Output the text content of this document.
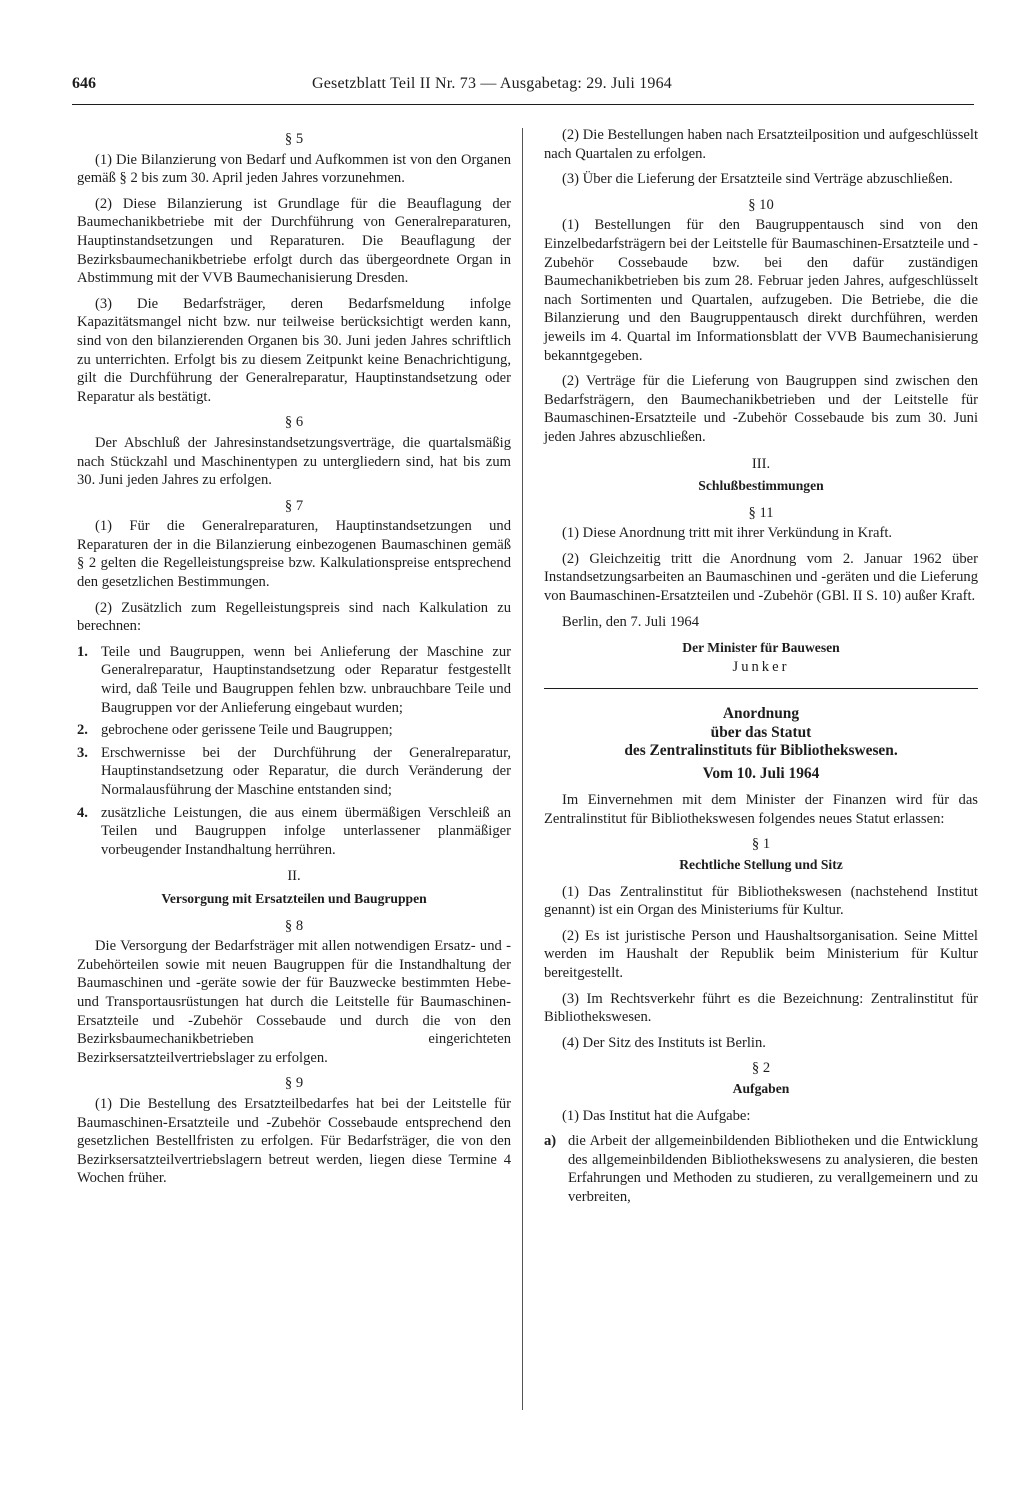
646	Gesetzblatt Teil II Nr. 73 — Ausgabetag: 29. Juli 1964
§ 5

(1) Die Bilanzierung von Bedarf und Aufkommen ist von den Organen gemäß § 2 bis zum 30. April jeden Jahres vorzunehmen.

(2) Diese Bilanzierung ist Grundlage für die Beauflagung der Baumechanikbetriebe mit der Durchführung von Generalreparaturen, Hauptinstandsetzungen und Reparaturen. Die Beauflagung der Bezirksbaumechanikbetriebe erfolgt durch das übergeordnete Organ in Abstimmung mit der VVB Baumechanisierung Dresden.

(3) Die Bedarfsträger, deren Bedarfsmeldung infolge Kapazitätsmangel nicht bzw. nur teilweise berücksichtigt werden kann, sind von den bilanzierenden Organen bis 30. Juni jeden Jahres schriftlich zu unterrichten. Erfolgt bis zu diesem Zeitpunkt keine Benachrichtigung, gilt die Durchführung der Generalreparatur, Hauptinstandsetzung oder Reparatur als bestätigt.

§ 6

Der Abschluß der Jahresinstandsetzungsverträge, die quartalsmäßig nach Stückzahl und Maschinentypen zu untergliedern sind, hat bis zum 30. Juni jeden Jahres zu erfolgen.

§ 7

(1) Für die Generalreparaturen, Hauptinstandsetzungen und Reparaturen der in die Bilanzierung einbezogenen Baumaschinen gemäß § 2 gelten die Regelleistungspreise bzw. Kalkulationspreise entsprechend den gesetzlichen Bestimmungen.

(2) Zusätzlich zum Regelleistungspreis sind nach Kalkulation zu berechnen:

1. Teile und Baugruppen, wenn bei Anlieferung der Maschine zur Generalreparatur, Hauptinstandsetzung oder Reparatur festgestellt wird, daß Teile und Baugruppen fehlen bzw. unbrauchbare Teile und Baugruppen vor der Anlieferung eingebaut wurden;
2. gebrochene oder gerissene Teile und Baugruppen;
3. Erschwernisse bei der Durchführung der Generalreparatur, Hauptinstandsetzung oder Reparatur, die durch Veränderung der Normalausführung der Maschine entstanden sind;
4. zusätzliche Leistungen, die aus einem übermäßigen Verschleiß an Teilen und Baugruppen infolge unterlassener planmäßiger vorbeugender Instandhaltung herrühren.
II.
Versorgung mit Ersatzteilen und Baugruppen
§ 8

Die Versorgung der Bedarfsträger mit allen notwendigen Ersatz- und -Zubehörteilen sowie mit neuen Baugruppen für die Instandhaltung der Baumaschinen und -geräte sowie der für Bauzwecke bestimmten Hebe- und Transportausrüstungen hat durch die Leitstelle für Baumaschinen-Ersatzteile und -Zubehör Cossebaude und durch die von den Bezirksbaumechanikbetrieben eingerichteten Bezirksersatzteilvertriebslager zu erfolgen.

§ 9

(1) Die Bestellung des Ersatzteilbedarfes hat bei der Leitstelle für Baumaschinen-Ersatzteile und -Zubehör Cossebaude entsprechend den gesetzlichen Bestellfristen zu erfolgen. Für Bedarfsträger, die von den Bezirksersatzteilvertriebslagern betreut werden, liegen diese Termine 4 Wochen früher.

(2) Die Bestellungen haben nach Ersatzteilposition und aufgeschlüsselt nach Quartalen zu erfolgen.

(3) Über die Lieferung der Ersatzteile sind Verträge abzuschließen.

§ 10

(1) Bestellungen für den Baugruppentausch sind von den Einzelbedarfsträgern bei der Leitstelle für Baumaschinen-Ersatzteile und -Zubehör Cossebaude bzw. bei den dafür zuständigen Baumechanikbetrieben bis zum 28. Februar jeden Jahres, aufgeschlüsselt nach Sortimenten und Quartalen, aufzugeben. Die Betriebe, die die Bilanzierung und den Baugruppentausch direkt durchführen, werden jeweils im 4. Quartal im Informationsblatt der VVB Baumechanisierung bekanntgegeben.

(2) Verträge für die Lieferung von Baugruppen sind zwischen den Bedarfsträgern, den Baumechanikbetrieben und der Leitstelle für Baumaschinen-Ersatzteile und -Zubehör Cossebaude bis zum 30. Juni jeden Jahres abzuschließen.

III.
Schlußbestimmungen
§ 11

(1) Diese Anordnung tritt mit ihrer Verkündung in Kraft.

(2) Gleichzeitig tritt die Anordnung vom 2. Januar 1962 über Instandsetzungsarbeiten an Baumaschinen und -geräten und die Lieferung von Baumaschinen-Ersatzteilen und -Zubehör (GBl. II S. 10) außer Kraft.

Berlin, den 7. Juli 1964

Der Minister für Bauwesen
Junker
Anordnung
über das Statut
des Zentralinstituts für Bibliothekswesen.
Vom 10. Juli 1964

Im Einvernehmen mit dem Minister der Finanzen wird für das Zentralinstitut für Bibliothekswesen folgendes neues Statut erlassen:

§ 1
Rechtliche Stellung und Sitz

(1) Das Zentralinstitut für Bibliothekswesen (nachstehend Institut genannt) ist ein Organ des Ministeriums für Kultur.

(2) Es ist juristische Person und Haushaltsorganisation. Seine Mittel werden im Haushalt der Republik beim Ministerium für Kultur bereitgestellt.

(3) Im Rechtsverkehr führt es die Bezeichnung: Zentralinstitut für Bibliothekswesen.

(4) Der Sitz des Instituts ist Berlin.

§ 2
Aufgaben

(1) Das Institut hat die Aufgabe:

a) die Arbeit der allgemeinbildenden Bibliotheken und die Entwicklung des allgemeinbildenden Bibliothekswesens zu analysieren, die besten Erfahrungen und Methoden zu studieren, zu verallgemeinern und zu verbreiten,
